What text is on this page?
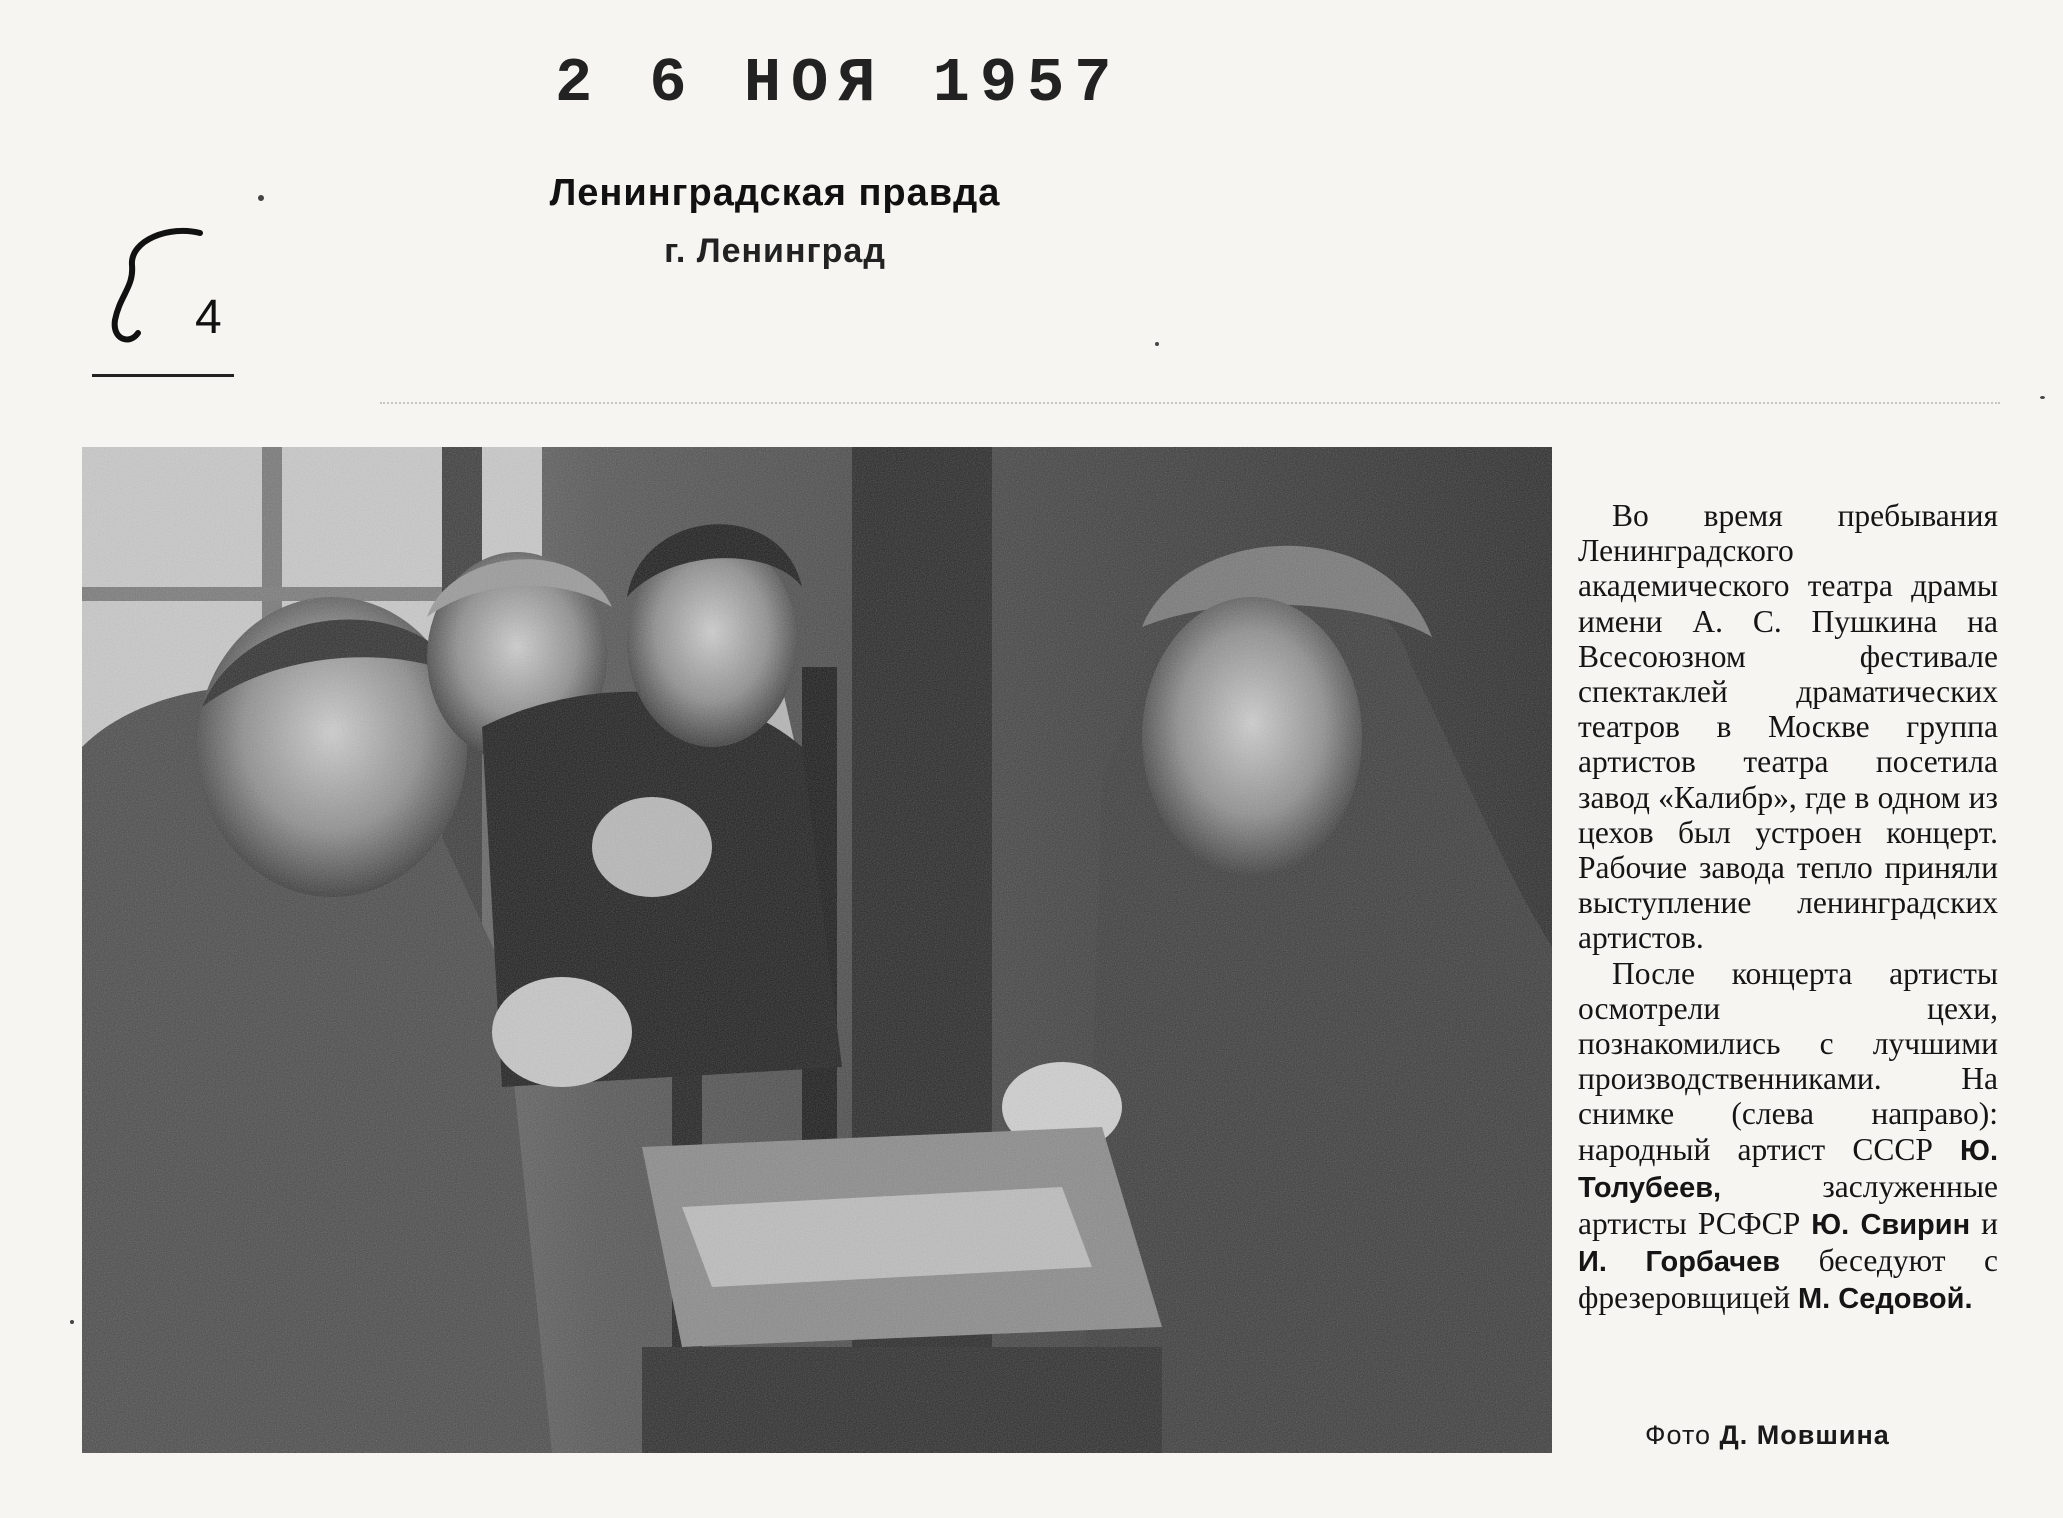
2 6 НОЯ 1957
Ленинградская правда
г. Ленинград
4

Во время пребывания Ленинградского академического театра драмы имени А. С. Пушкина на Всесоюзном фестивале спектаклей драматических театров в Москве группа артистов театра посетила завод «Калибр», где в одном из цехов был устроен концерт. Рабочие завода тепло приняли выступление ленинградских артистов.

После концерта артисты осмотрели цехи, познакомились с лучшими производственниками. На снимке (слева направо): народный артист СССР Ю. Толубеев,	заслуженные артисты РСФСР Ю. Свирин и И. Горбачев беседуют с фрезеровщицей М. Седовой.

Фото Д. Мовшина
